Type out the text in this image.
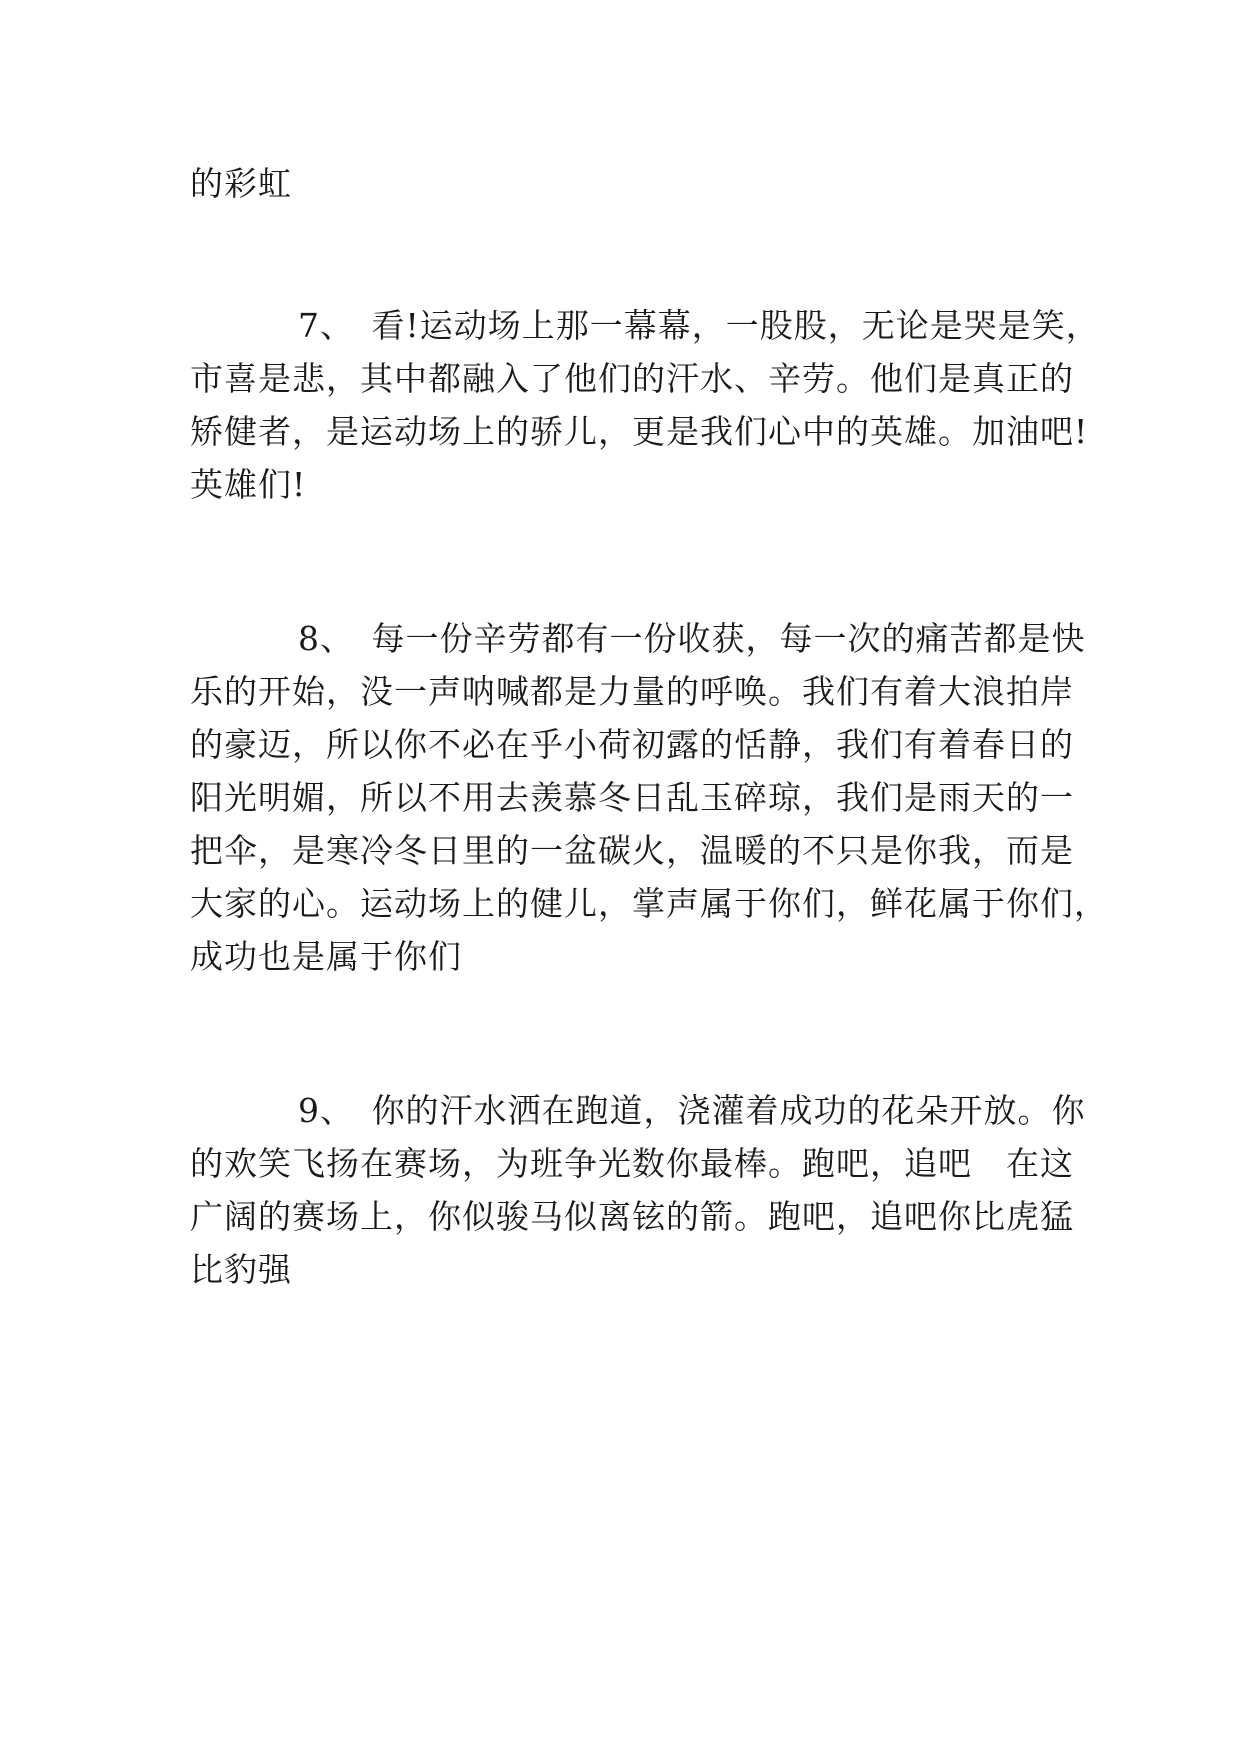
的彩虹
7、　看!运动场上那一幕幕，一股股，无论是哭是笑，
市喜是悲，其中都融入了他们的汗水、辛劳。他们是真正的
矫健者，是运动场上的骄儿，更是我们心中的英雄。加油吧!
英雄们!
8、　每一份辛劳都有一份收获，每一次的痛苦都是快
乐的开始，没一声呐喊都是力量的呼唤。我们有着大浪拍岸
的豪迈，所以你不必在乎小荷初露的恬静，我们有着春日的
阳光明媚，所以不用去羡慕冬日乱玉碎琼，我们是雨天的一
把伞，是寒冷冬日里的一盆碳火，温暖的不只是你我，而是
大家的心。运动场上的健儿，掌声属于你们，鲜花属于你们，
成功也是属于你们
9、　你的汗水洒在跑道，浇灌着成功的花朵开放。你
的欢笑飞扬在赛场，为班争光数你最棒。跑吧，追吧　在这
广阔的赛场上，你似骏马似离铉的箭。跑吧，追吧你比虎猛
比豹强
